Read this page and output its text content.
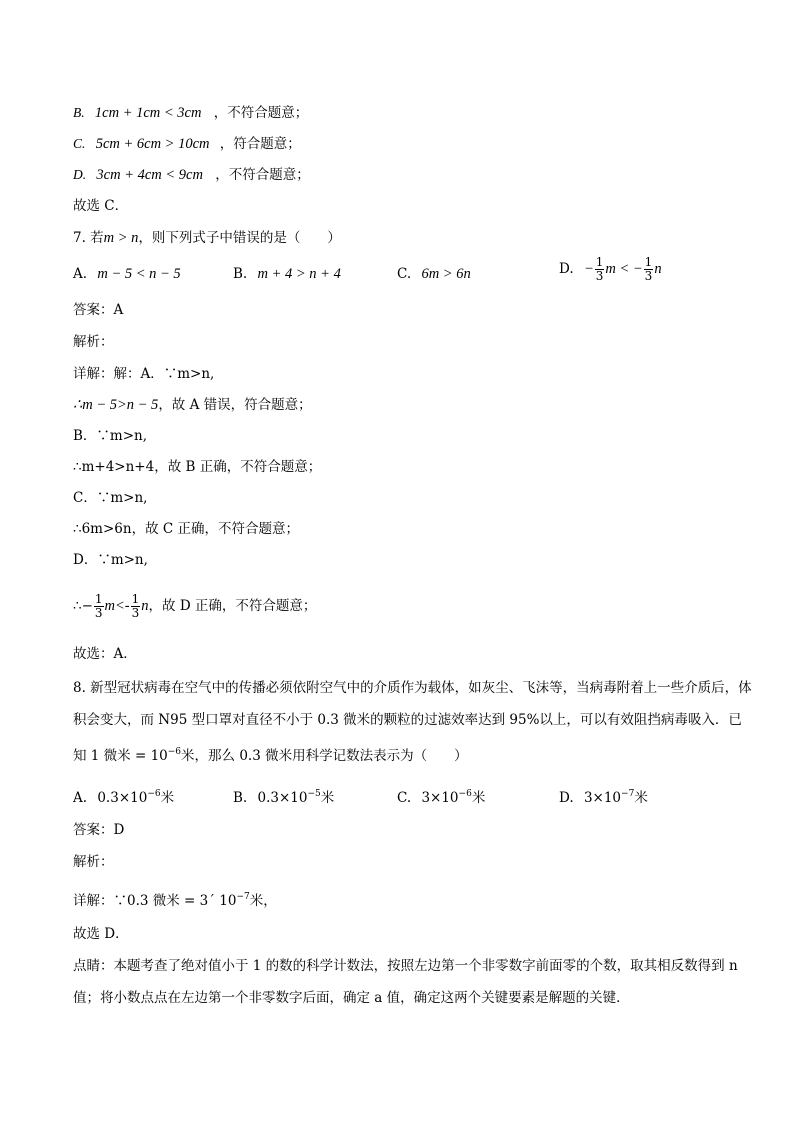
B. 1cm + 1cm < 3cm ，不符合题意；
C. 5cm + 6cm > 10cm ，符合题意；
D. 3cm + 4cm < 9cm ，不符合题意；
故选 C．
7. 若m > n，则下列式子中错误的是（　　）
A. m − 5 < n − 5	B. m + 4 > n + 4	C. 6m > 6n	D. − $\frac{1}{3}$ m < − $\frac{1}{3}$ n
答案：A
解析：
详解：解：A．∵m>n,
∴m − 5>n − 5，故 A 错误，符合题意；
B．∵m>n,
∴m+4>n+4，故 B 正确，不符合题意；
C．∵m>n,
∴6m>6n，故 C 正确，不符合题意；
D．∵m>n,
∴− $\frac{1}{3} m<- \frac{1}{3}$ n，故 D 正确，不符合题意；
故选：A．
8. 新型冠状病毒在空气中的传播必须依附空气中的介质作为载体，如灰尘、飞沫等，当病毒附着上一些介质后，体积会变大，而 N95 型口罩对直径不小于 0.3 微米的颗粒的过滤效率达到 95%以上，可以有效阻挡病毒吸入．已知 1 微米 = $10^{-6}$米，那么 0.3 微米用科学记数法表示为（　　）
A. $0.3\times 10^{-6}$米	B. $0.3\times 10^{-5}$米	C. $3\times 10^{-6}$米	D. $3\times 10^{-7}$米
答案：D
解析：
详解：∵0.3 微米 = 3´ $10^{-7}$米，
故选 D．
点睛：本题考查了绝对值小于 1 的数的科学计数法，按照左边第一个非零数字前面零的个数，取其相反数得到 n 值；将小数点点在左边第一个非零数字后面，确定 a 值，确定这两个关键要素是解题的关键．
